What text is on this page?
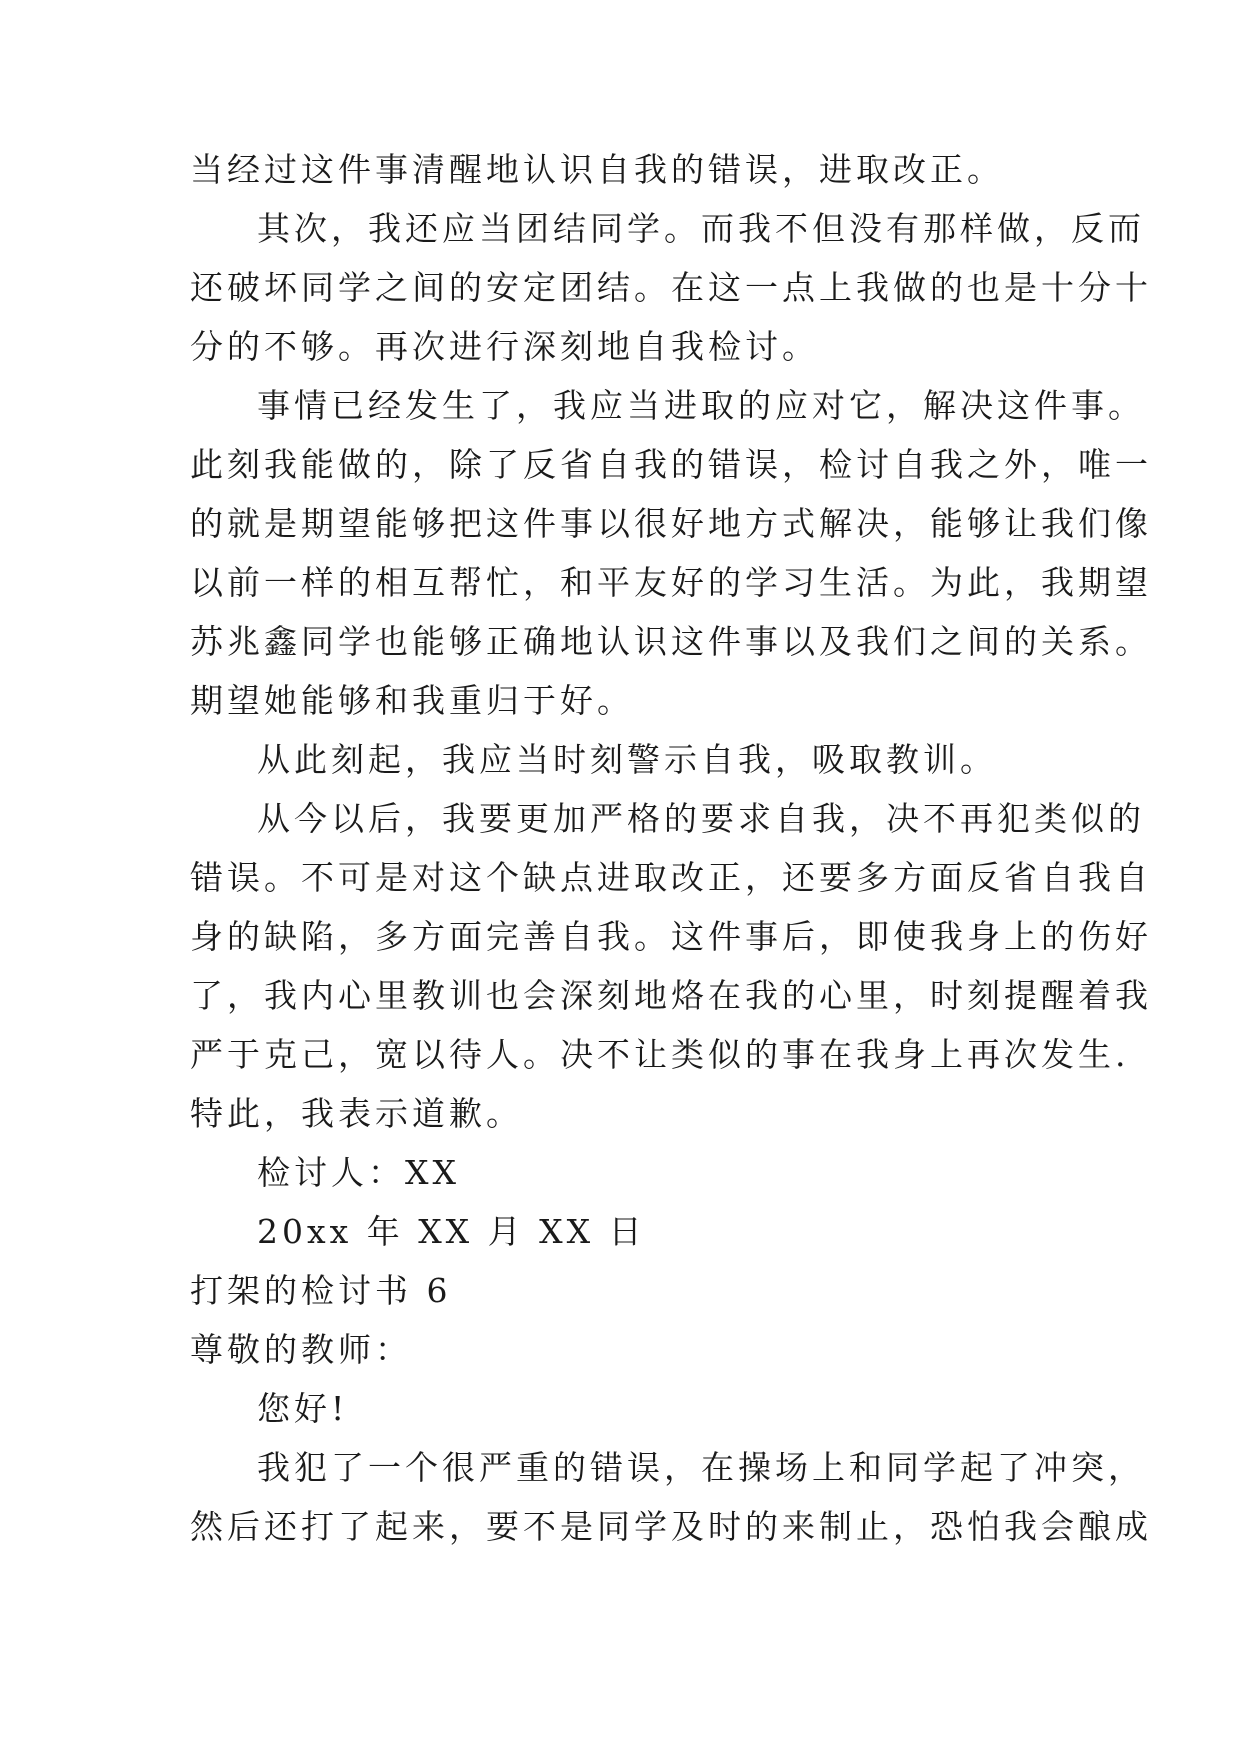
当经过这件事清醒地认识自我的错误，进取改正。
其次，我还应当团结同学。而我不但没有那样做，反而
还破坏同学之间的安定团结。在这一点上我做的也是十分十
分的不够。再次进行深刻地自我检讨。
事情已经发生了，我应当进取的应对它，解决这件事。
此刻我能做的，除了反省自我的错误，检讨自我之外，唯一
的就是期望能够把这件事以很好地方式解决，能够让我们像
以前一样的相互帮忙，和平友好的学习生活。为此，我期望
苏兆鑫同学也能够正确地认识这件事以及我们之间的关系。
期望她能够和我重归于好。
从此刻起，我应当时刻警示自我，吸取教训。
从今以后，我要更加严格的要求自我，决不再犯类似的
错误。不可是对这个缺点进取改正，还要多方面反省自我自
身的缺陷，多方面完善自我。这件事后，即使我身上的伤好
了，我内心里教训也会深刻地烙在我的心里，时刻提醒着我
严于克己，宽以待人。决不让类似的事在我身上再次发生.
特此，我表示道歉。
检讨人：XX
20xx 年 XX 月 XX 日
打架的检讨书 6
尊敬的教师：
您好!
我犯了一个很严重的错误，在操场上和同学起了冲突，
然后还打了起来，要不是同学及时的来制止，恐怕我会酿成
